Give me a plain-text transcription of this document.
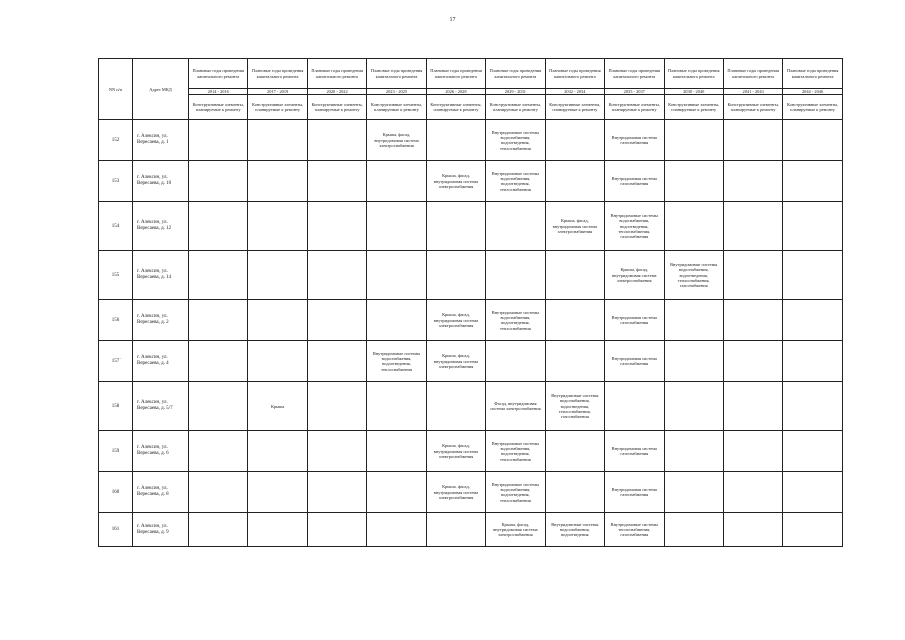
17
NN п/п	Адрес МКД	Плановые годы проведения капитального ремонта	Плановые годы проведения капитального ремонта	Плановые годы проведения капитального ремонта	Плановые годы проведения капитального ремонта	Плановые годы проведения капитального ремонта	Плановые годы проведения капитального ремонта	Плановые годы проведения капитального ремонта	Плановые годы проведения капитального ремонта	Плановые годы проведения капитального ремонта	Плановые годы проведения капитального ремонта	Плановые годы проведения капитального ремонта
		2014 - 2016	2017 - 2019	2020 - 2022	2023 - 2025	2026 - 2028	2029 - 2031	2032 - 2034	2035 - 2037	2038 - 2040	2041 - 2043	2044 - 2046
		Конструктивные элементы, планируемые к ремонту	Конструктивные элементы, планируемые к ремонту	Конструктивные элементы, планируемые к ремонту	Конструктивные элементы, планируемые к ремонту	Конструктивные элементы, планируемые к ремонту	Конструктивные элементы, планируемые к ремонту	Конструктивные элементы, планируемые к ремонту	Конструктивные элементы, планируемые к ремонту	Конструктивные элементы, планируемые к ремонту	Конструктивные элементы, планируемые к ремонту	Конструктивные элементы, планируемые к ремонту
152	г. Алексин, ул. Вересаева, д. 1				Крыша, фасад, внутридомовая система электроснабжения		Внутридомовые системы водоснабжения, водоотведения, теплоснабжения		Внутридомовая система газоснабжения			
153	г. Алексин, ул. Вересаева, д. 10					Крыша, фасад, внутридомовая система электроснабжения	Внутридомовые системы водоснабжения, водоотведения, теплоснабжения		Внутридомовая система газоснабжения			
154	г. Алексин, ул. Вересаева, д. 12							Крыша, фасад, внутридомовая система электроснабжения	Внутридомовые системы водоснабжения, водоотведения, теплоснабжения, газоснабжения			
155	г. Алексин, ул. Вересаева, д. 14								Крыша, фасад, внутридомовая система электроснабжения	Внутридомовые системы водоснабжения, водоотведения, теплоснабжения, газоснабжения		
156	г. Алексин, ул. Вересаева, д. 2					Крыша, фасад, внутридомовая система электроснабжения	Внутридомовые системы водоснабжения, водоотведения, теплоснабжения		Внутридомовая система газоснабжения			
157	г. Алексин, ул. Вересаева, д. 4				Внутридомовые системы водоснабжения, водоотведения, теплоснабжения	Крыша, фасад, внутридомовая система электроснабжения			Внутридомовая система газоснабжения			
158	г. Алексин, ул. Вересаева, д. 5/7		Крыша				Фасад, внутридомовая система электроснабжения	Внутридомовые системы водоснабжения, водоотведения, теплоснабжения, газоснабжения				
159	г. Алексин, ул. Вересаева, д. 6					Крыша, фасад, внутридомовая система электроснабжения	Внутридомовые системы водоснабжения, водоотведения, теплоснабжения		Внутридомовая система газоснабжения			
160	г. Алексин, ул. Вересаева, д. 8					Крыша, фасад, внутридомовая система электроснабжения	Внутридомовые системы водоснабжения, водоотведения, теплоснабжения		Внутридомовая система газоснабжения			
161	г. Алексин, ул. Вересаева, д. 9						Крыша, фасад, внутридомовая система электроснабжения	Внутридомовые системы водоснабжения, водоотведения	Внутридомовые системы теплоснабжения, газоснабжения			
·
